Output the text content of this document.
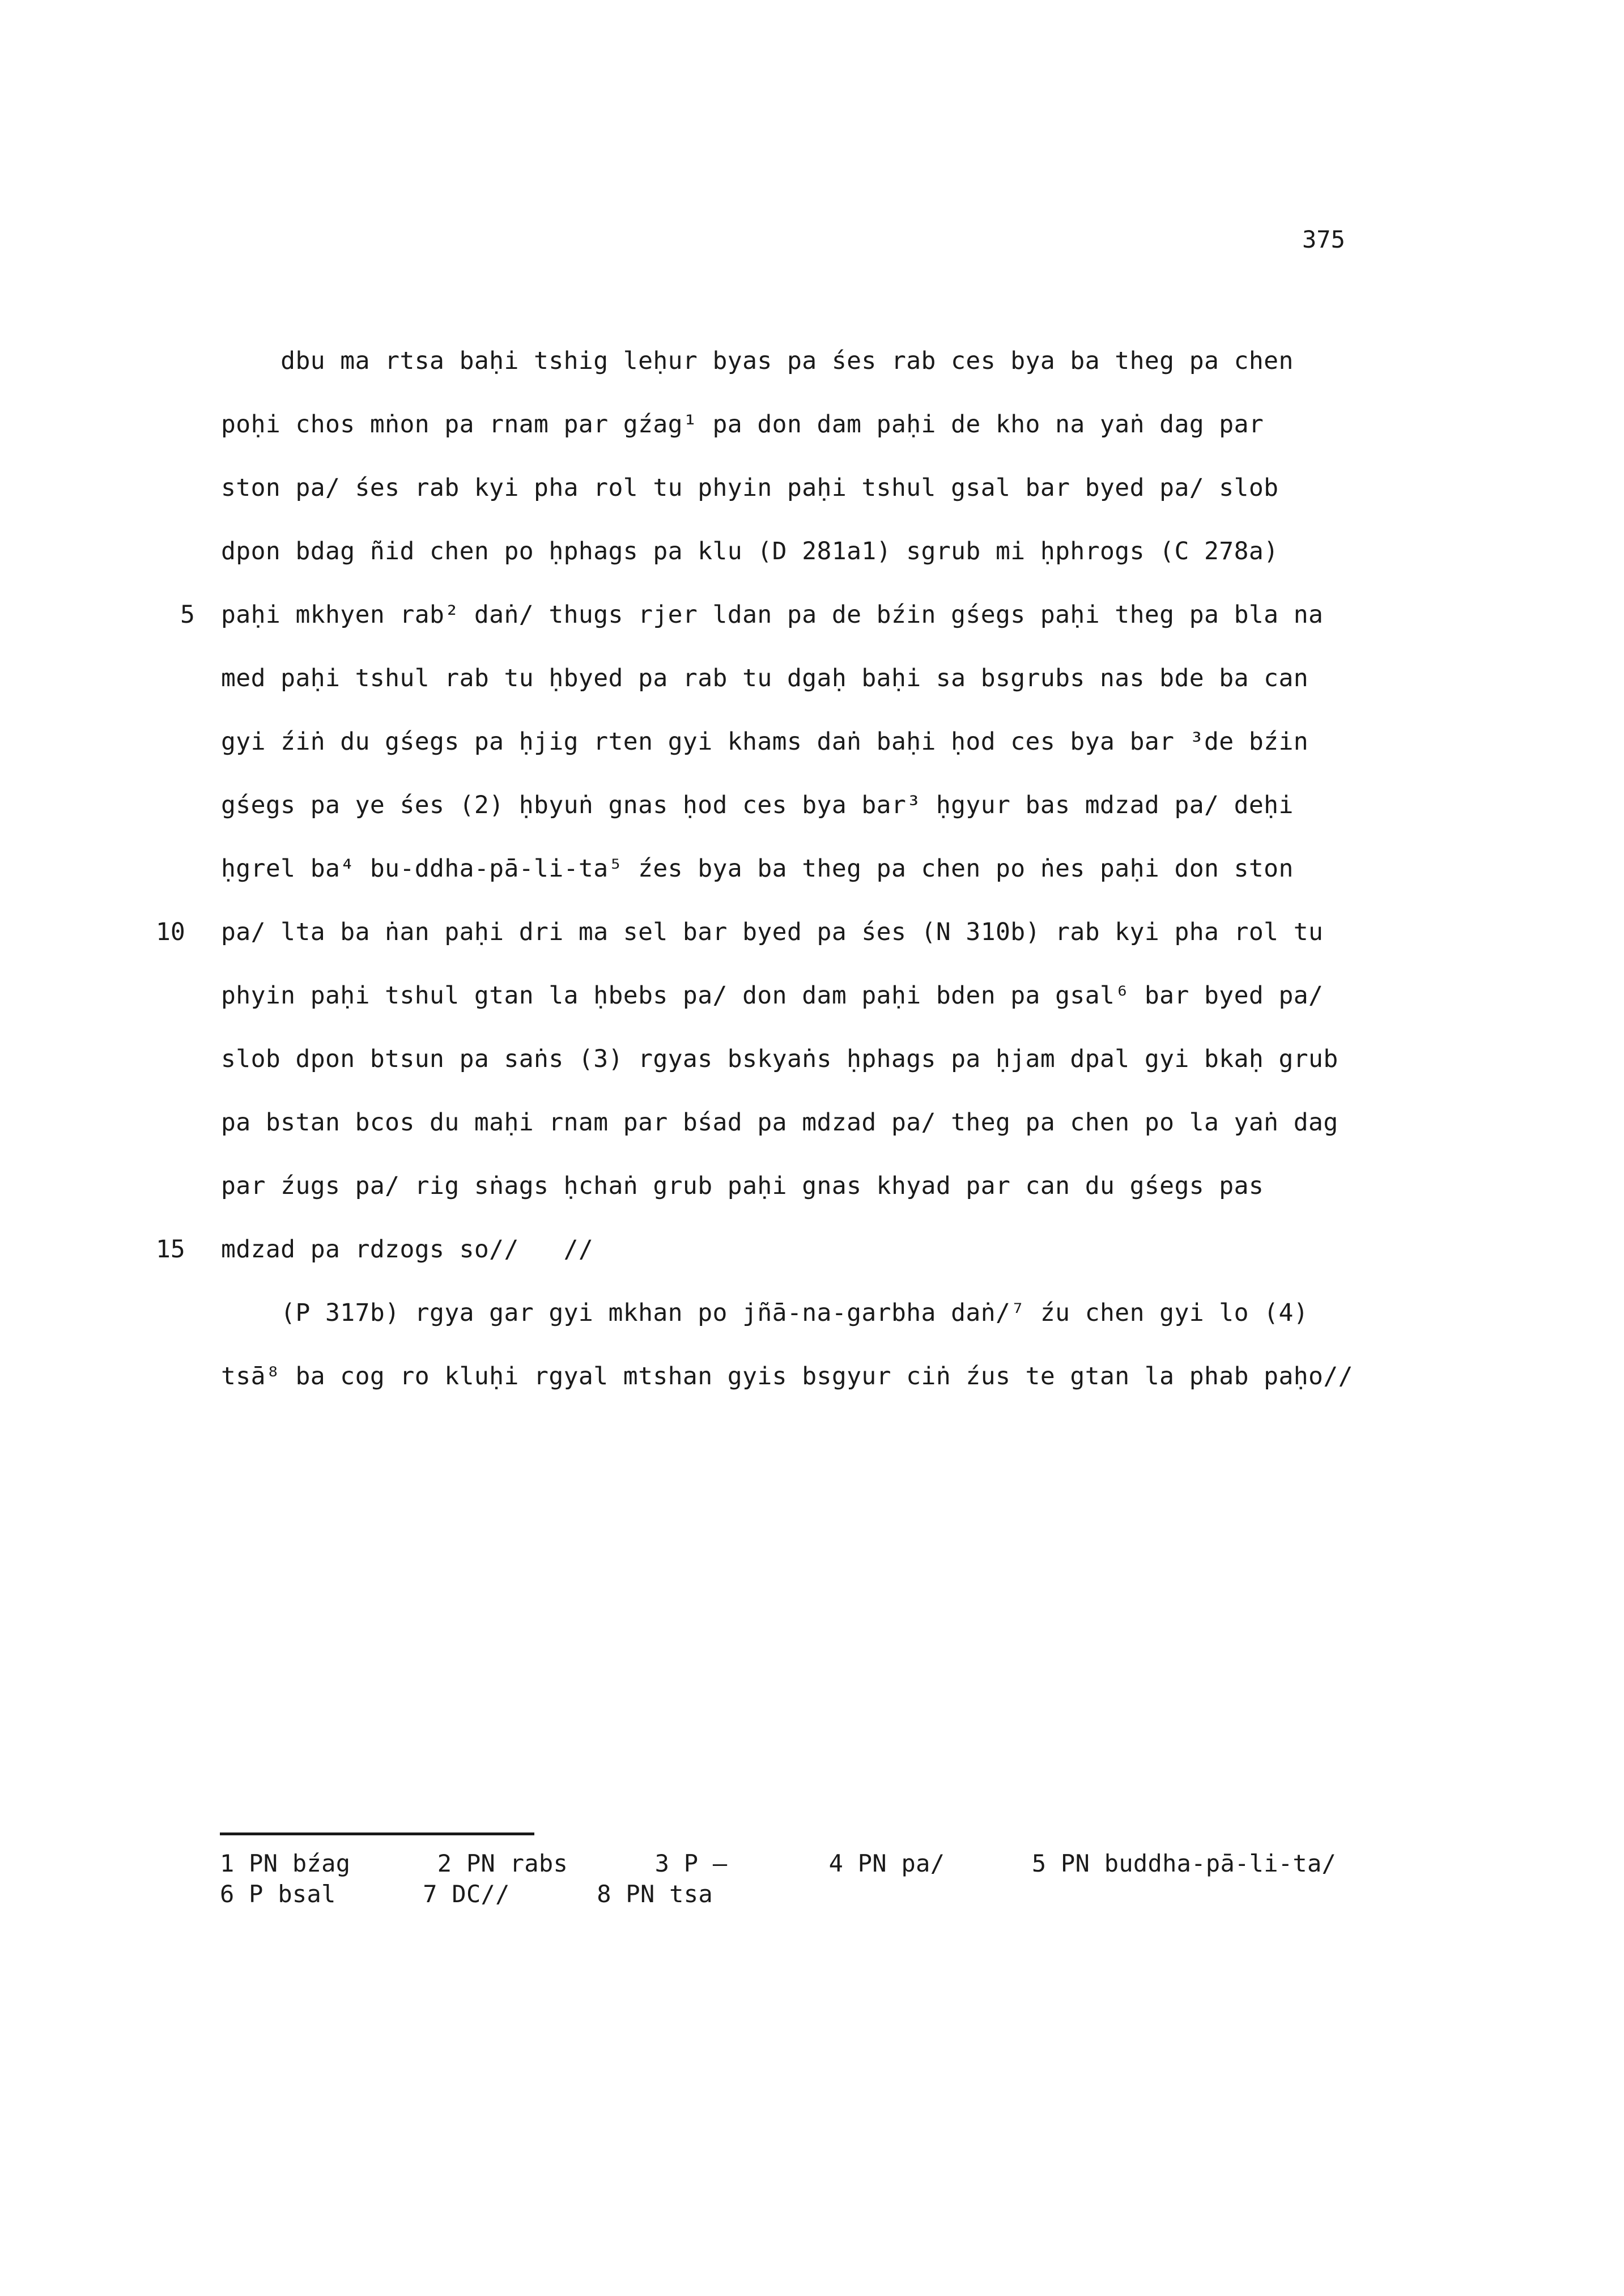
375
dbu ma rtsa baḥi tshig leḥur byas pa śes rab ces bya ba theg pa chen
poḥi chos mṅon pa rnam par gźag¹ pa don dam paḥi de kho na yaṅ dag par
ston pa/ śes rab kyi pha rol tu phyin paḥi tshul gsal bar byed pa/ slob
dpon bdag ñid chen po ḥphags pa klu (D 281a1) sgrub mi ḥphrogs (C 278a)
paḥi mkhyen rab² daṅ/ thugs rjer ldan pa de bźin gśegs paḥi theg pa bla na
med paḥi tshul rab tu ḥbyed pa rab tu dgaḥ baḥi sa bsgrubs nas bde ba can
gyi źiṅ du gśegs pa ḥjig rten gyi khams daṅ baḥi ḥod ces bya bar ³de bźin
gśegs pa ye śes (2) ḥbyuṅ gnas ḥod ces bya bar³ ḥgyur bas mdzad pa/ deḥi
ḥgrel ba⁴ bu-ddha-pā-li-ta⁵ źes bya ba theg pa chen po ṅes paḥi don ston
pa/ lta ba ṅan paḥi dri ma sel bar byed pa śes (N 310b) rab kyi pha rol tu
phyin paḥi tshul gtan la ḥbebs pa/ don dam paḥi bden pa gsal⁶ bar byed pa/
slob dpon btsun pa saṅs (3) rgyas bskyaṅs ḥphags pa ḥjam dpal gyi bkaḥ grub
pa bstan bcos du maḥi rnam par bśad pa mdzad pa/ theg pa chen po la yaṅ dag
par źugs pa/ rig sṅags ḥchaṅ grub paḥi gnas khyad par can du gśegs pas
mdzad pa rdzogs so//   //
(P 317b) rgya gar gyi mkhan po jñā-na-garbha daṅ/⁷ źu chen gyi lo (4)
tsā⁸ ba cog ro kluḥi rgyal mtshan gyis bsgyur ciṅ źus te gtan la phab paḥo//
5
10
15
1 PN bźag      2 PN rabs      3 P —       4 PN pa/      5 PN buddha-pā-li-ta/
6 P bsal      7 DC//      8 PN tsa
